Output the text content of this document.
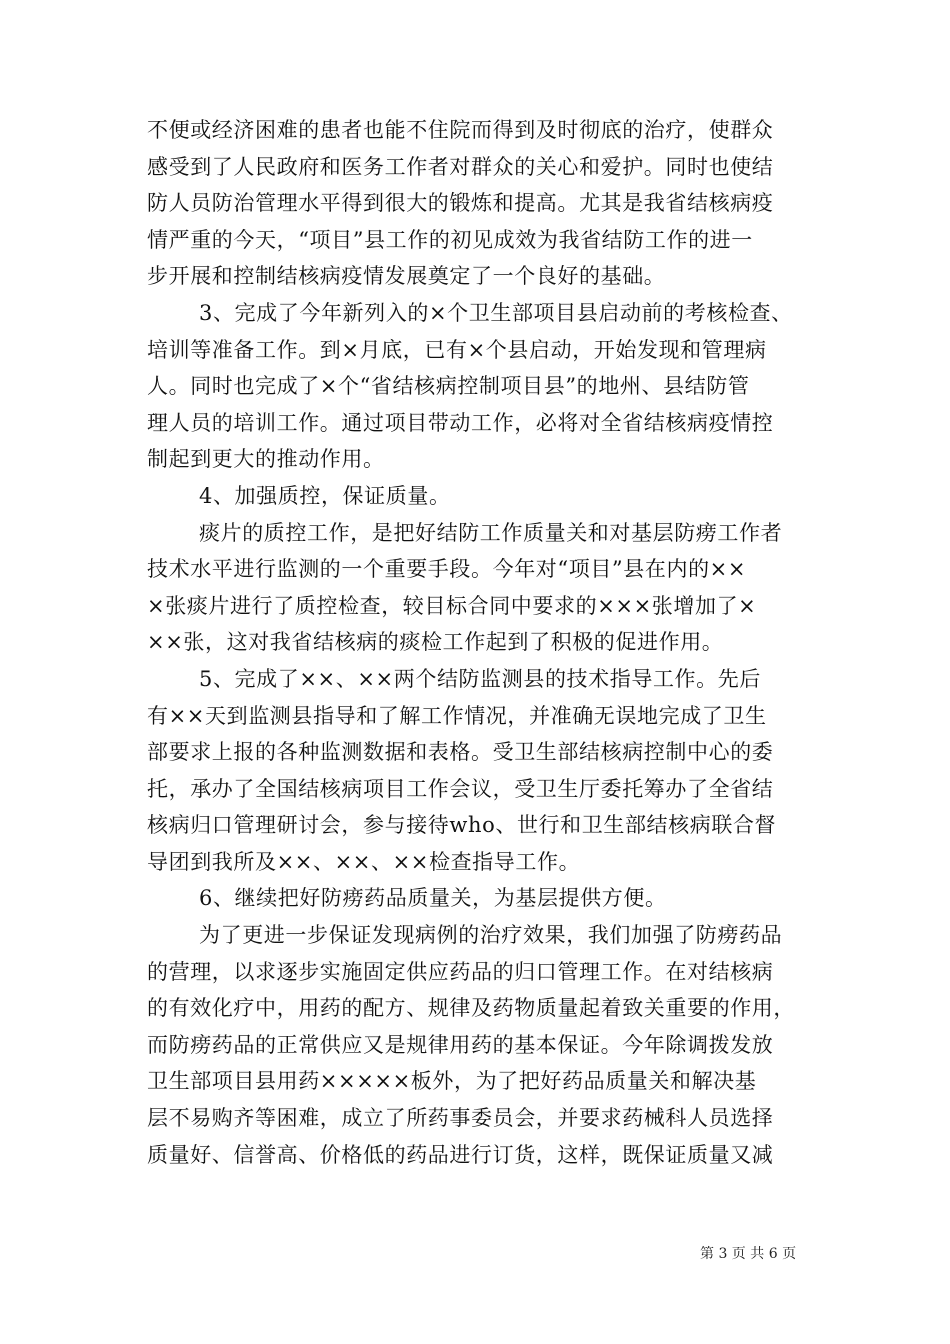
不便或经济困难的患者也能不住院而得到及时彻底的治疗，使群众
感受到了人民政府和医务工作者对群众的关心和爱护。同时也使结
防人员防治管理水平得到很大的锻炼和提高。尤其是我省结核病疫
情严重的今天，“项目”县工作的初见成效为我省结防工作的进一
步开展和控制结核病疫情发展奠定了一个良好的基础。
3、完成了今年新列入的×个卫生部项目县启动前的考核检查、
培训等准备工作。到×月底，已有×个县启动，开始发现和管理病
人。同时也完成了×个“省结核病控制项目县”的地州、县结防管
理人员的培训工作。通过项目带动工作，必将对全省结核病疫情控
制起到更大的推动作用。
4、加强质控，保证质量。
痰片的质控工作，是把好结防工作质量关和对基层防痨工作者
技术水平进行监测的一个重要手段。今年对“项目”县在内的××
×张痰片进行了质控检查，较目标合同中要求的×××张增加了×
××张，这对我省结核病的痰检工作起到了积极的促进作用。
5、完成了××、××两个结防监测县的技术指导工作。先后
有××天到监测县指导和了解工作情况，并准确无误地完成了卫生
部要求上报的各种监测数据和表格。受卫生部结核病控制中心的委
托，承办了全国结核病项目工作会议，受卫生厅委托筹办了全省结
核病归口管理研讨会，参与接待who、世行和卫生部结核病联合督
导团到我所及××、××、××检查指导工作。
6、继续把好防痨药品质量关，为基层提供方便。
为了更进一步保证发现病例的治疗效果，我们加强了防痨药品
的营理，以求逐步实施固定供应药品的归口管理工作。在对结核病
的有效化疗中，用药的配方、规律及药物质量起着致关重要的作用，
而防痨药品的正常供应又是规律用药的基本保证。今年除调拨发放
卫生部项目县用药×××××板外，为了把好药品质量关和解决基
层不易购齐等困难，成立了所药事委员会，并要求药械科人员选择
质量好、信誉高、价格低的药品进行订货，这样，既保证质量又减
第 3 页 共 6 页
